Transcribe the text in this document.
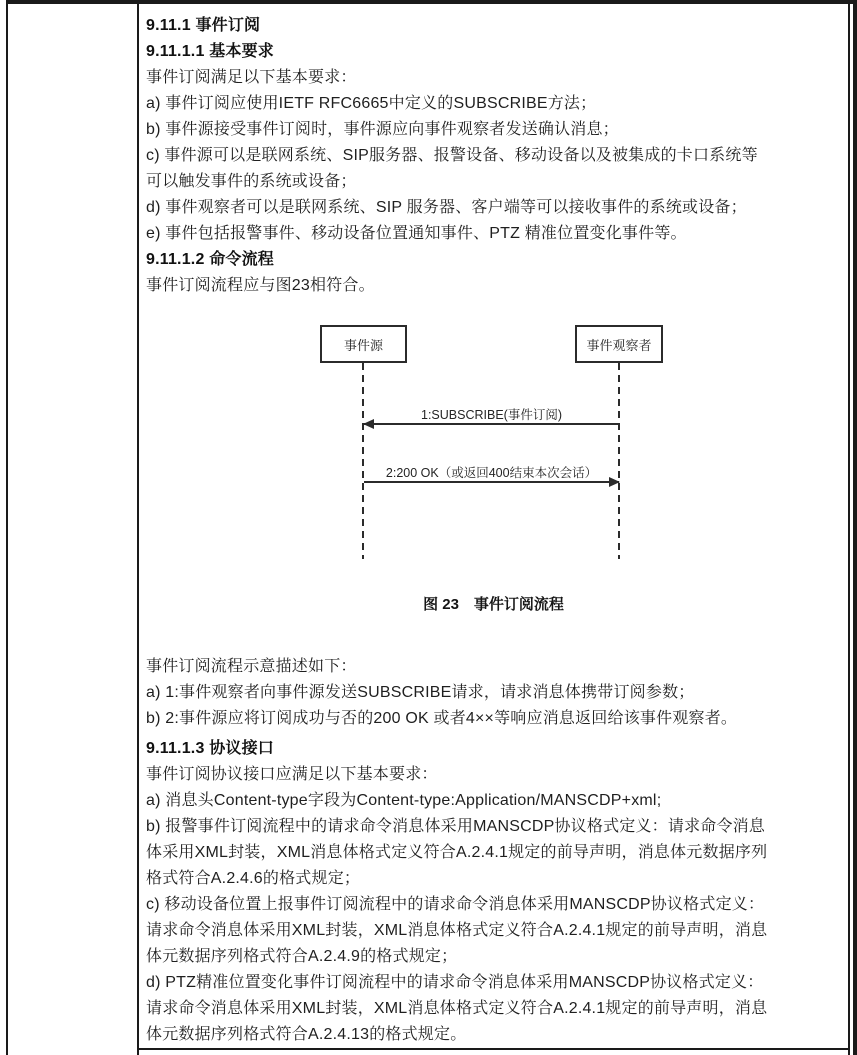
9.11.1 事件订阅

9.11.1.1 基本要求

事件订阅满足以下基本要求：

a) 事件订阅应使用IETF RFC6665中定义的SUBSCRIBE方法；

b) 事件源接受事件订阅时，事件源应向事件观察者发送确认消息；

c) 事件源可以是联网系统、SIP服务器、报警设备、移动设备以及被集成的卡口系统等

可以触发事件的系统或设备；

d) 事件观察者可以是联网系统、SIP 服务器、客户端等可以接收事件的系统或设备；

e) 事件包括报警事件、移动设备位置通知事件、PTZ 精准位置变化事件等。

9.11.1.2 命令流程

事件订阅流程应与图23相符合。

事件源	事件观察者
1:SUBSCRIBE(事件订阅)
2:200 OK（或返回400结束本次会话）

图 23　事件订阅流程

事件订阅流程示意描述如下：

a) 1:事件观察者向事件源发送SUBSCRIBE请求，请求消息体携带订阅参数；

b) 2:事件源应将订阅成功与否的200 OK 或者4××等响应消息返回给该事件观察者。

9.11.1.3 协议接口

事件订阅协议接口应满足以下基本要求：

a) 消息头Content-type字段为Content-type:Application/MANSCDP+xml;

b) 报警事件订阅流程中的请求命令消息体采用MANSCDP协议格式定义：请求命令消息

体采用XML封装，XML消息体格式定义符合A.2.4.1规定的前导声明，消息体元数据序列

格式符合A.2.4.6的格式规定；

c) 移动设备位置上报事件订阅流程中的请求命令消息体采用MANSCDP协议格式定义：

请求命令消息体采用XML封装，XML消息体格式定义符合A.2.4.1规定的前导声明，消息

体元数据序列格式符合A.2.4.9的格式规定；

d) PTZ精准位置变化事件订阅流程中的请求命令消息体采用MANSCDP协议格式定义：

请求命令消息体采用XML封装，XML消息体格式定义符合A.2.4.1规定的前导声明，消息

体元数据序列格式符合A.2.4.13的格式规定。
